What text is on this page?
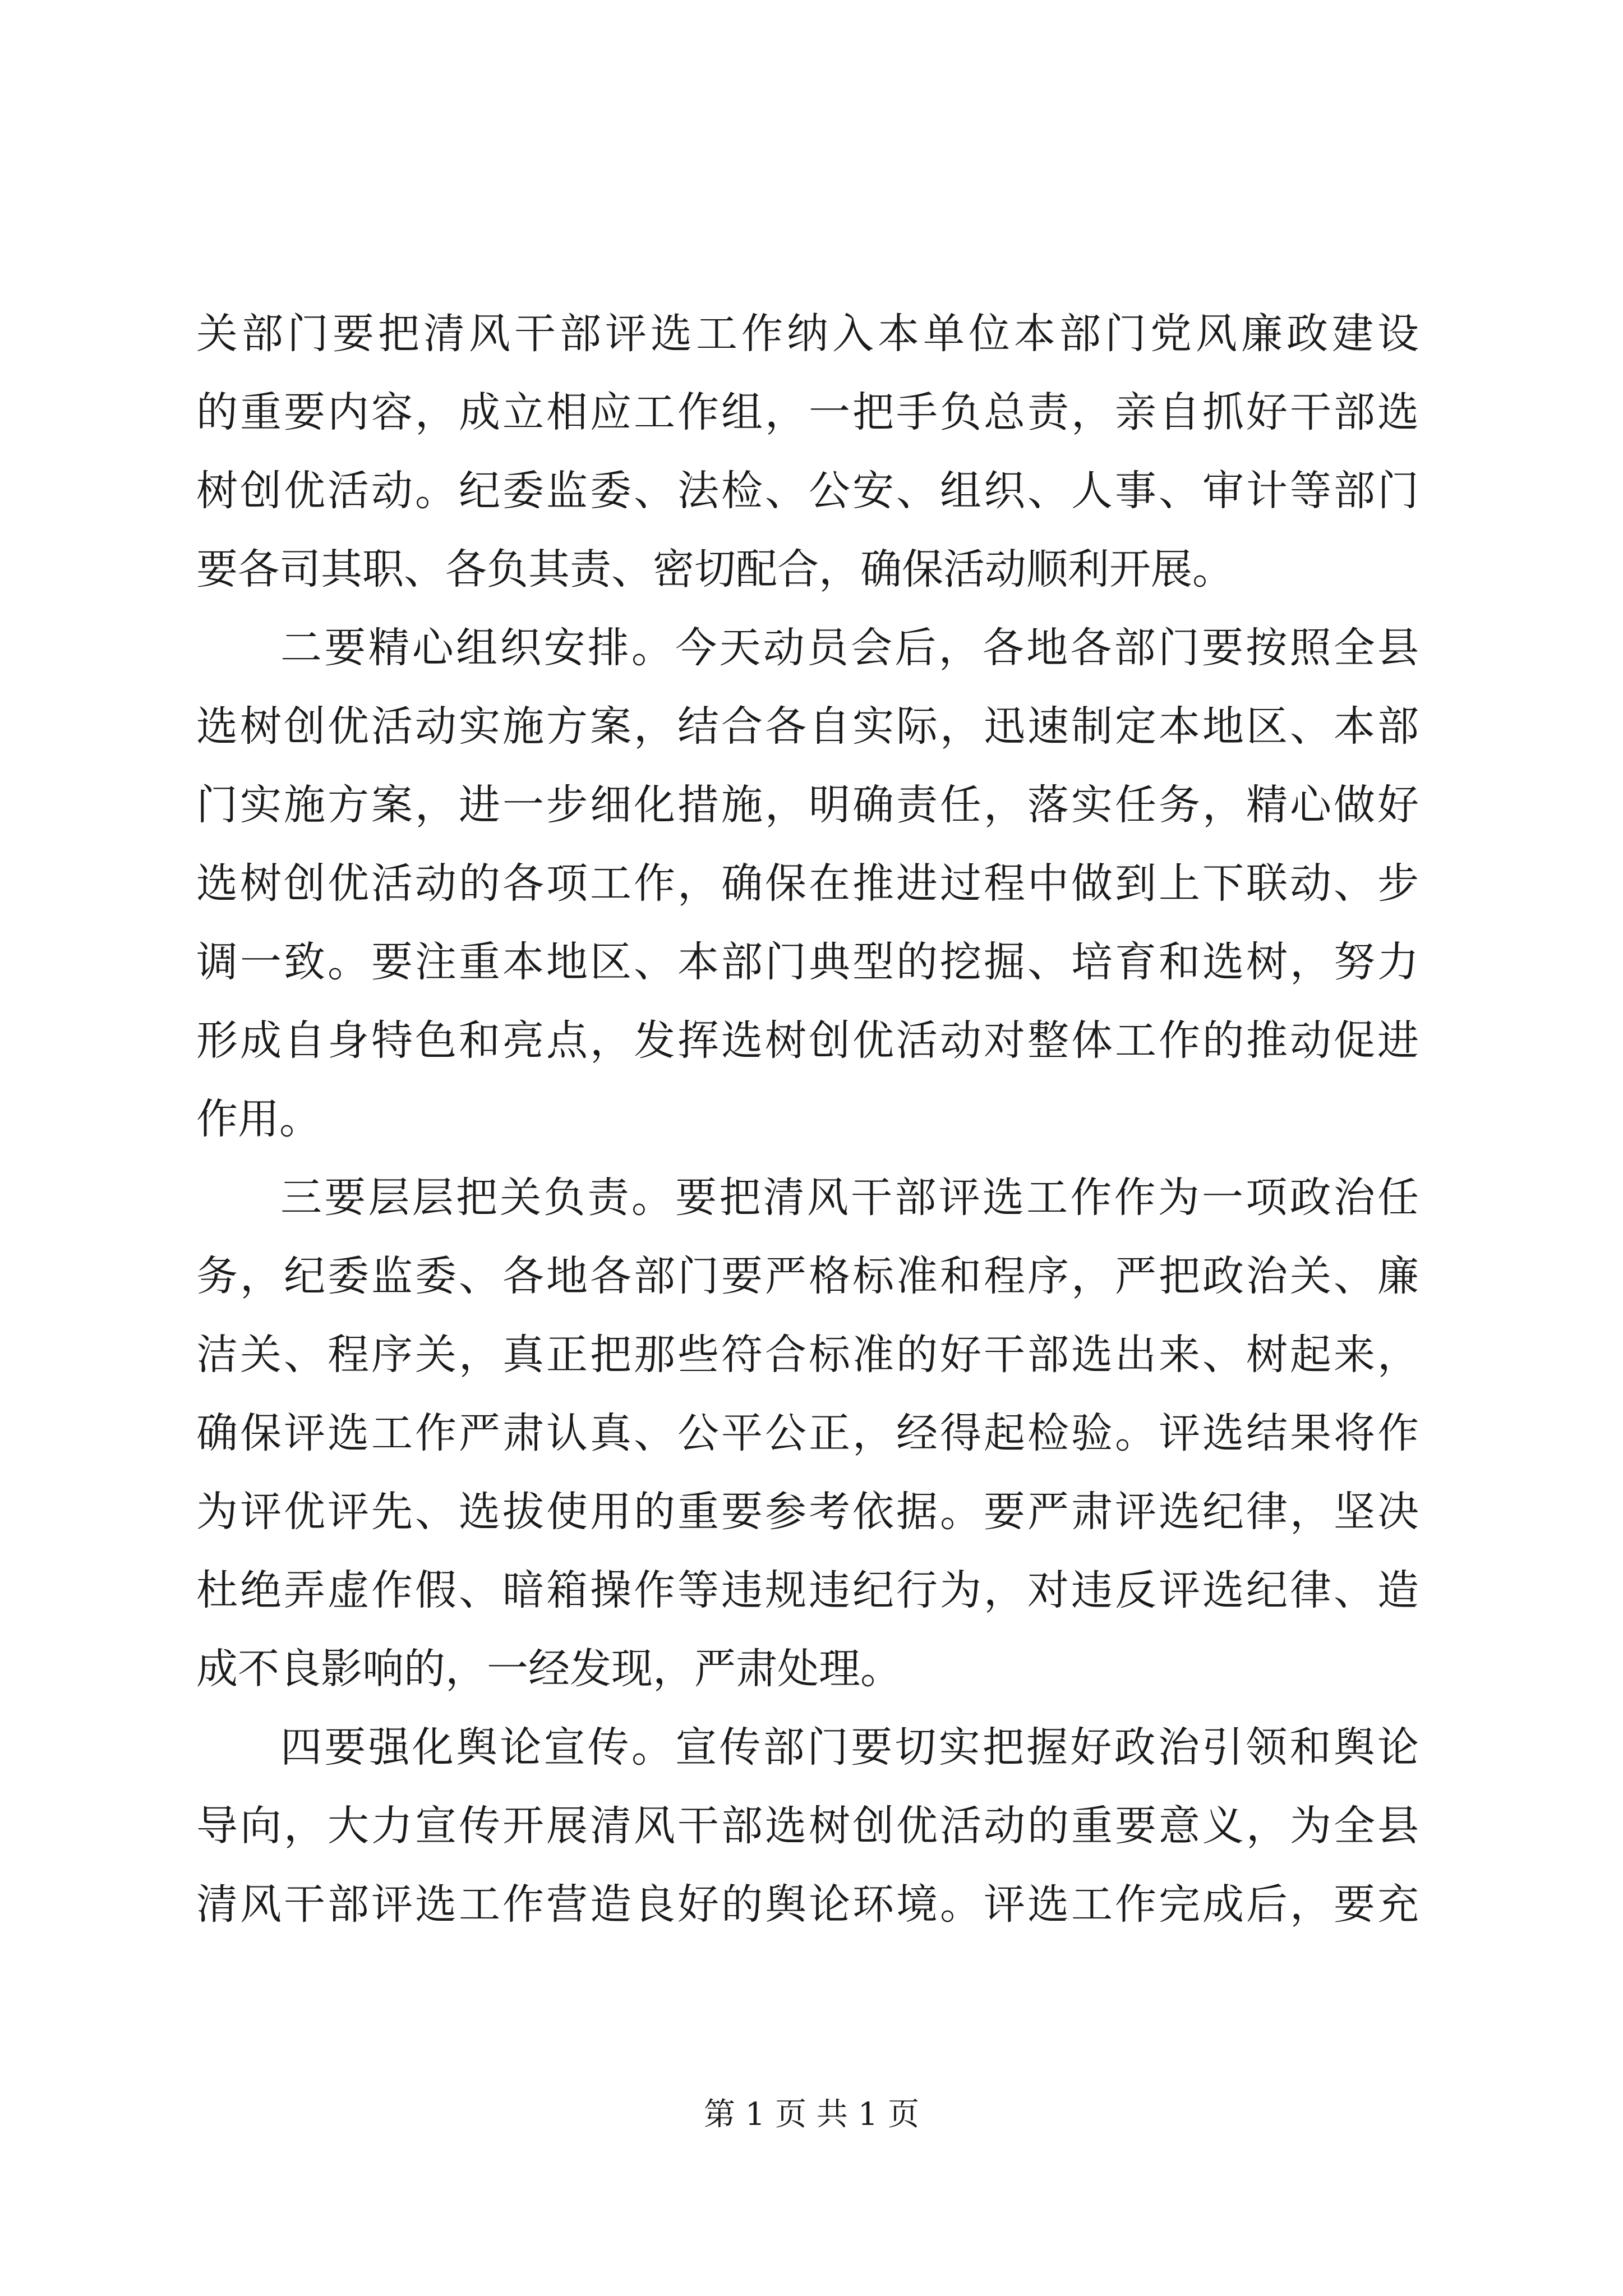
关部门要把清风干部评选工作纳入本单位本部门党风廉政建设
的重要内容，成立相应工作组，一把手负总责，亲自抓好干部选
树创优活动。纪委监委、法检、公安、组织、人事、审计等部门
要各司其职、各负其责、密切配合，确保活动顺利开展。
二要精心组织安排。今天动员会后，各地各部门要按照全县
选树创优活动实施方案，结合各自实际，迅速制定本地区、本部
门实施方案，进一步细化措施，明确责任，落实任务，精心做好
选树创优活动的各项工作，确保在推进过程中做到上下联动、步
调一致。要注重本地区、本部门典型的挖掘、培育和选树，努力
形成自身特色和亮点，发挥选树创优活动对整体工作的推动促进
作用。
三要层层把关负责。要把清风干部评选工作作为一项政治任
务，纪委监委、各地各部门要严格标准和程序，严把政治关、廉
洁关、程序关，真正把那些符合标准的好干部选出来、树起来，
确保评选工作严肃认真、公平公正，经得起检验。评选结果将作
为评优评先、选拔使用的重要参考依据。要严肃评选纪律，坚决
杜绝弄虚作假、暗箱操作等违规违纪行为，对违反评选纪律、造
成不良影响的，一经发现，严肃处理。
四要强化舆论宣传。宣传部门要切实把握好政治引领和舆论
导向，大力宣传开展清风干部选树创优活动的重要意义，为全县
清风干部评选工作营造良好的舆论环境。评选工作完成后，要充
第 1 页 共 1 页
